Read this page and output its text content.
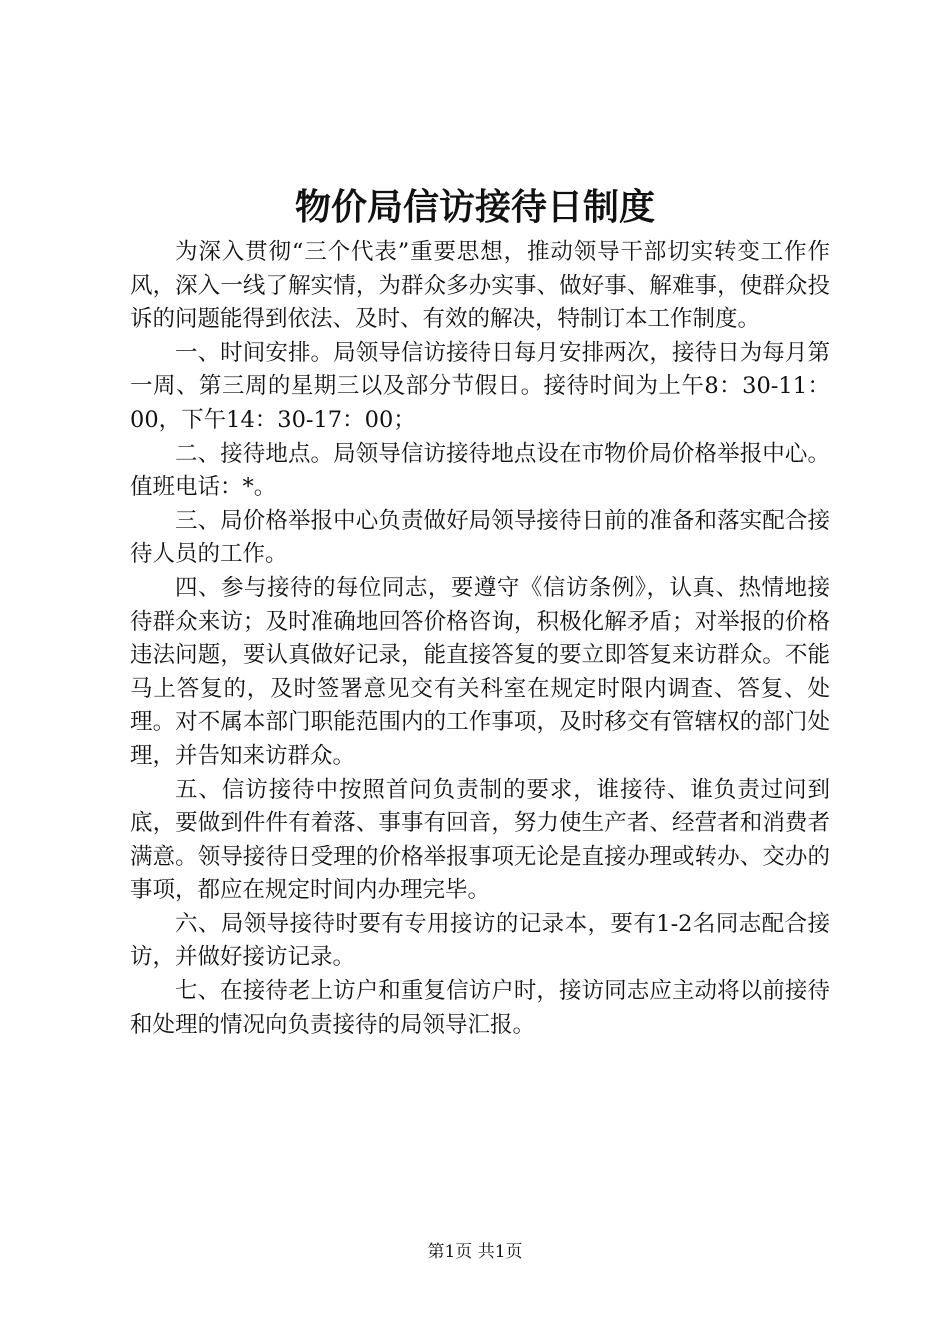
物价局信访接待日制度

为深入贯彻“三个代表”重要思想，推动领导干部切实转变工作作风，深入一线了解实情，为群众多办实事、做好事、解难事，使群众投诉的问题能得到依法、及时、有效的解决，特制订本工作制度。

一、时间安排。局领导信访接待日每月安排两次，接待日为每月第一周、第三周的星期三以及部分节假日。接待时间为上午8：30-11：00，下午14：30-17：00；

二、接待地点。局领导信访接待地点设在市物价局价格举报中心。值班电话：*。

三、局价格举报中心负责做好局领导接待日前的准备和落实配合接待人员的工作。

四、参与接待的每位同志，要遵守《信访条例》，认真、热情地接待群众来访；及时准确地回答价格咨询，积极化解矛盾；对举报的价格违法问题，要认真做好记录，能直接答复的要立即答复来访群众。不能马上答复的，及时签署意见交有关科室在规定时限内调查、答复、处理。对不属本部门职能范围内的工作事项，及时移交有管辖权的部门处理，并告知来访群众。

五、信访接待中按照首问负责制的要求，谁接待、谁负责过问到底，要做到件件有着落、事事有回音，努力使生产者、经营者和消费者满意。领导接待日受理的价格举报事项无论是直接办理或转办、交办的事项，都应在规定时间内办理完毕。

六、局领导接待时要有专用接访的记录本，要有1-2名同志配合接访，并做好接访记录。

七、在接待老上访户和重复信访户时，接访同志应主动将以前接待和处理的情况向负责接待的局领导汇报。

第1页 共1页
